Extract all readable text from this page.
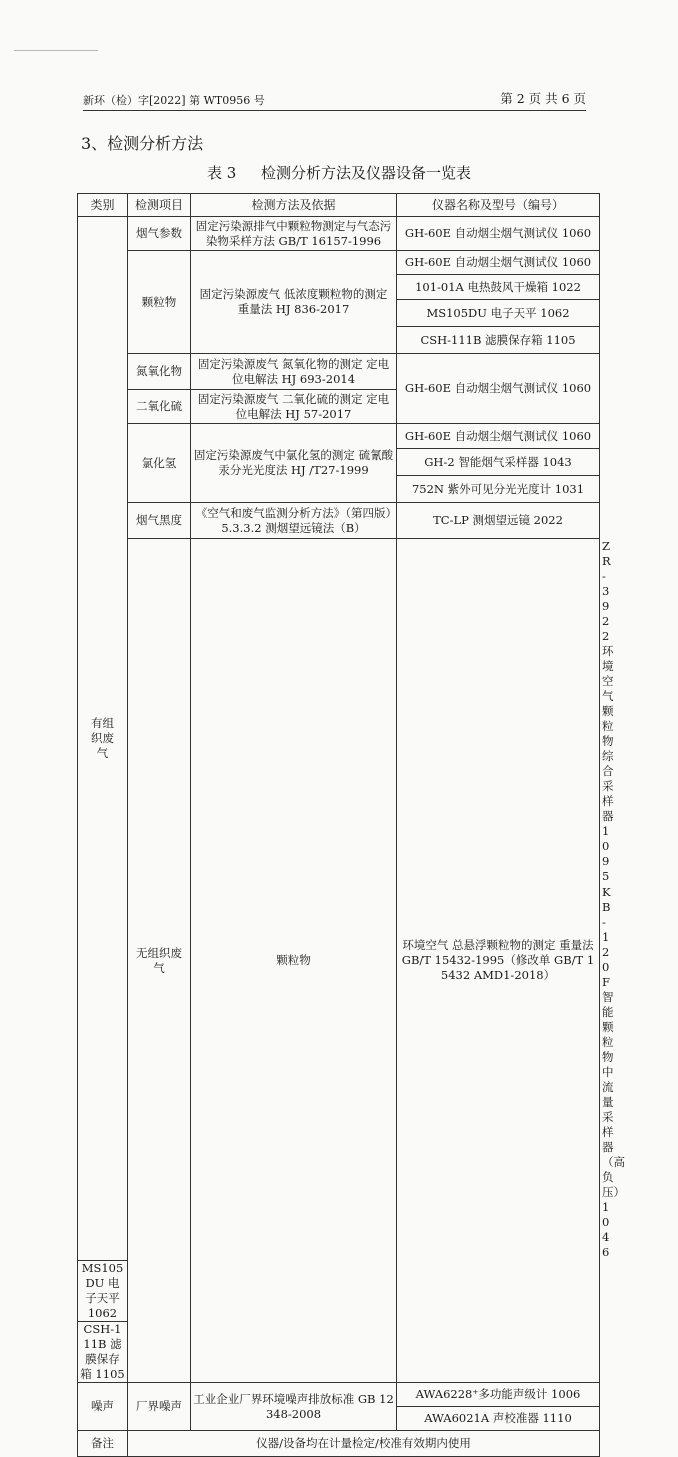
新环（检）字[2022] 第 WT0956 号	第 2 页 共 6 页
3、检测分析方法
表 3 检测分析方法及仪器设备一览表
类别	检测项目	检测方法及依据	仪器名称及型号（编号）	
有组织废气	烟气参数	固定污染源排气中颗粒物测定与气态污染物采样方法 GB/T 16157-1996	GH-60E 自动烟尘烟气测试仪 1060	
	颗粒物	固定污染源废气 低浓度颗粒物的测定 重量法 HJ 836-2017	GH-60E 自动烟尘烟气测试仪 1060	
			101-01A 电热鼓风干燥箱 1022	
			MS105DU 电子天平 1062	
			CSH-111B 滤膜保存箱 1105	
	氮氧化物	固定污染源废气 氮氧化物的测定 定电位电解法 HJ 693-2014	GH-60E 自动烟尘烟气测试仪 1060	
	二氧化硫	固定污染源废气 二氧化硫的测定 定电位电解法 HJ 57-2017		
	氯化氢	固定污染源废气中氯化氢的测定 硫氰酸汞分光光度法 HJ /T27-1999	GH-60E 自动烟尘烟气测试仪 1060	
			GH-2 智能烟气采样器 1043	
			752N 紫外可见分光光度计 1031	
	烟气黑度	《空气和废气监测分析方法》（第四版）5.3.3.2 测烟望远镜法（B）	TC-LP 测烟望远镜 2022	
	无组织废气	颗粒物	环境空气 总悬浮颗粒物的测定 重量法 GB/T 15432-1995（修改单 GB/T 15432 AMD1-2018）	ZR-3922 环境空气颗粒物综合采样器 1095
				KB-120F 智能颗粒物中流量采样器（高负压）1046
MS105DU 电子天平 1062				
CSH-111B 滤膜保存箱 1105				
噪声	厂界噪声	工业企业厂界环境噪声排放标准 GB 12348-2008	AWA6228⁺多功能声级计 1006	
			AWA6021A 声校准器 1110	
备注	仪器/设备均在计量检定/校准有效期内使用			
